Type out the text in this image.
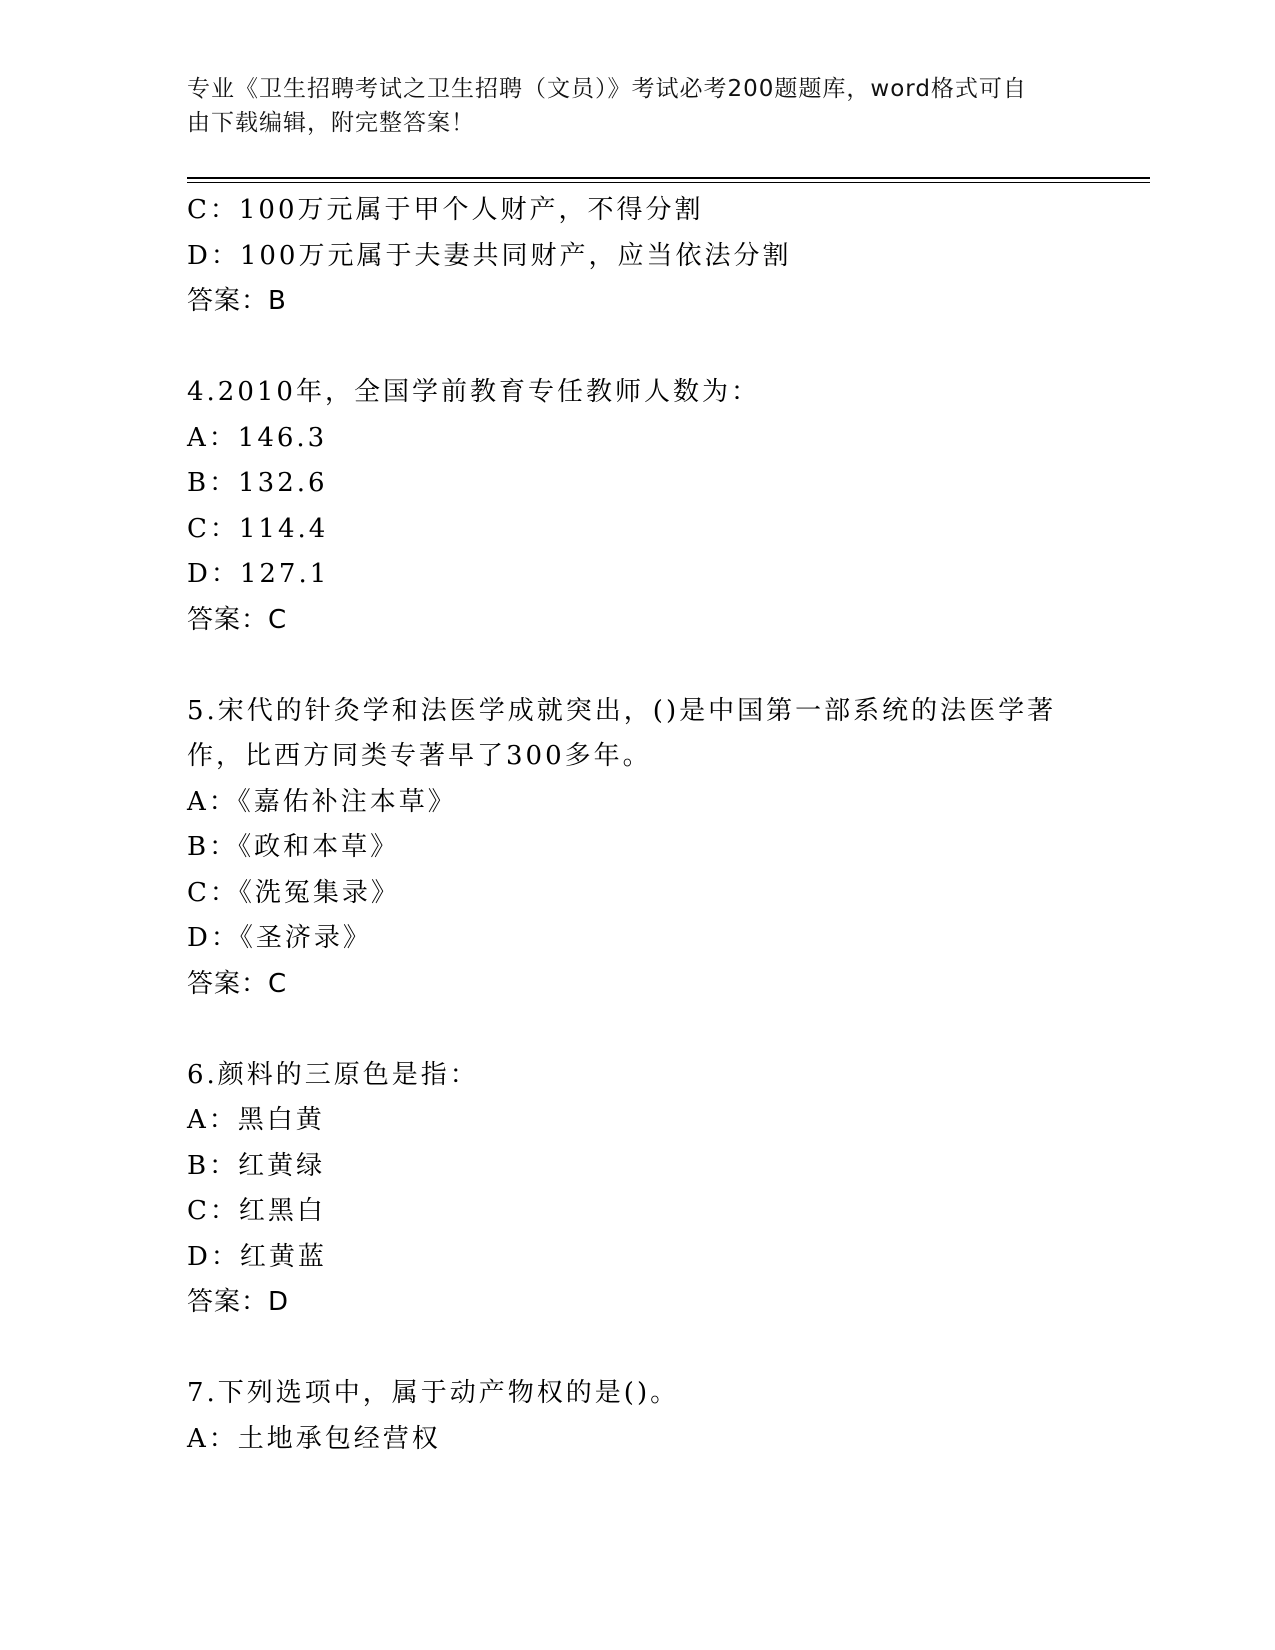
专业《卫生招聘考试之卫生招聘（文员）》考试必考200题题库，word格式可自
由下载编辑，附完整答案！
C：100万元属于甲个人财产，不得分割
D：100万元属于夫妻共同财产，应当依法分割
答案：B
4.2010年，全国学前教育专任教师人数为：
A：146.3
B：132.6
C：114.4
D：127.1
答案：C
5.宋代的针灸学和法医学成就突出，()是中国第一部系统的法医学著
作，比西方同类专著早了300多年。
A：《嘉佑补注本草》
B：《政和本草》
C：《洗冤集录》
D：《圣济录》
答案：C
6.颜料的三原色是指：
A：黑白黄
B：红黄绿
C：红黑白
D：红黄蓝
答案：D
7.下列选项中，属于动产物权的是()。
A：土地承包经营权
